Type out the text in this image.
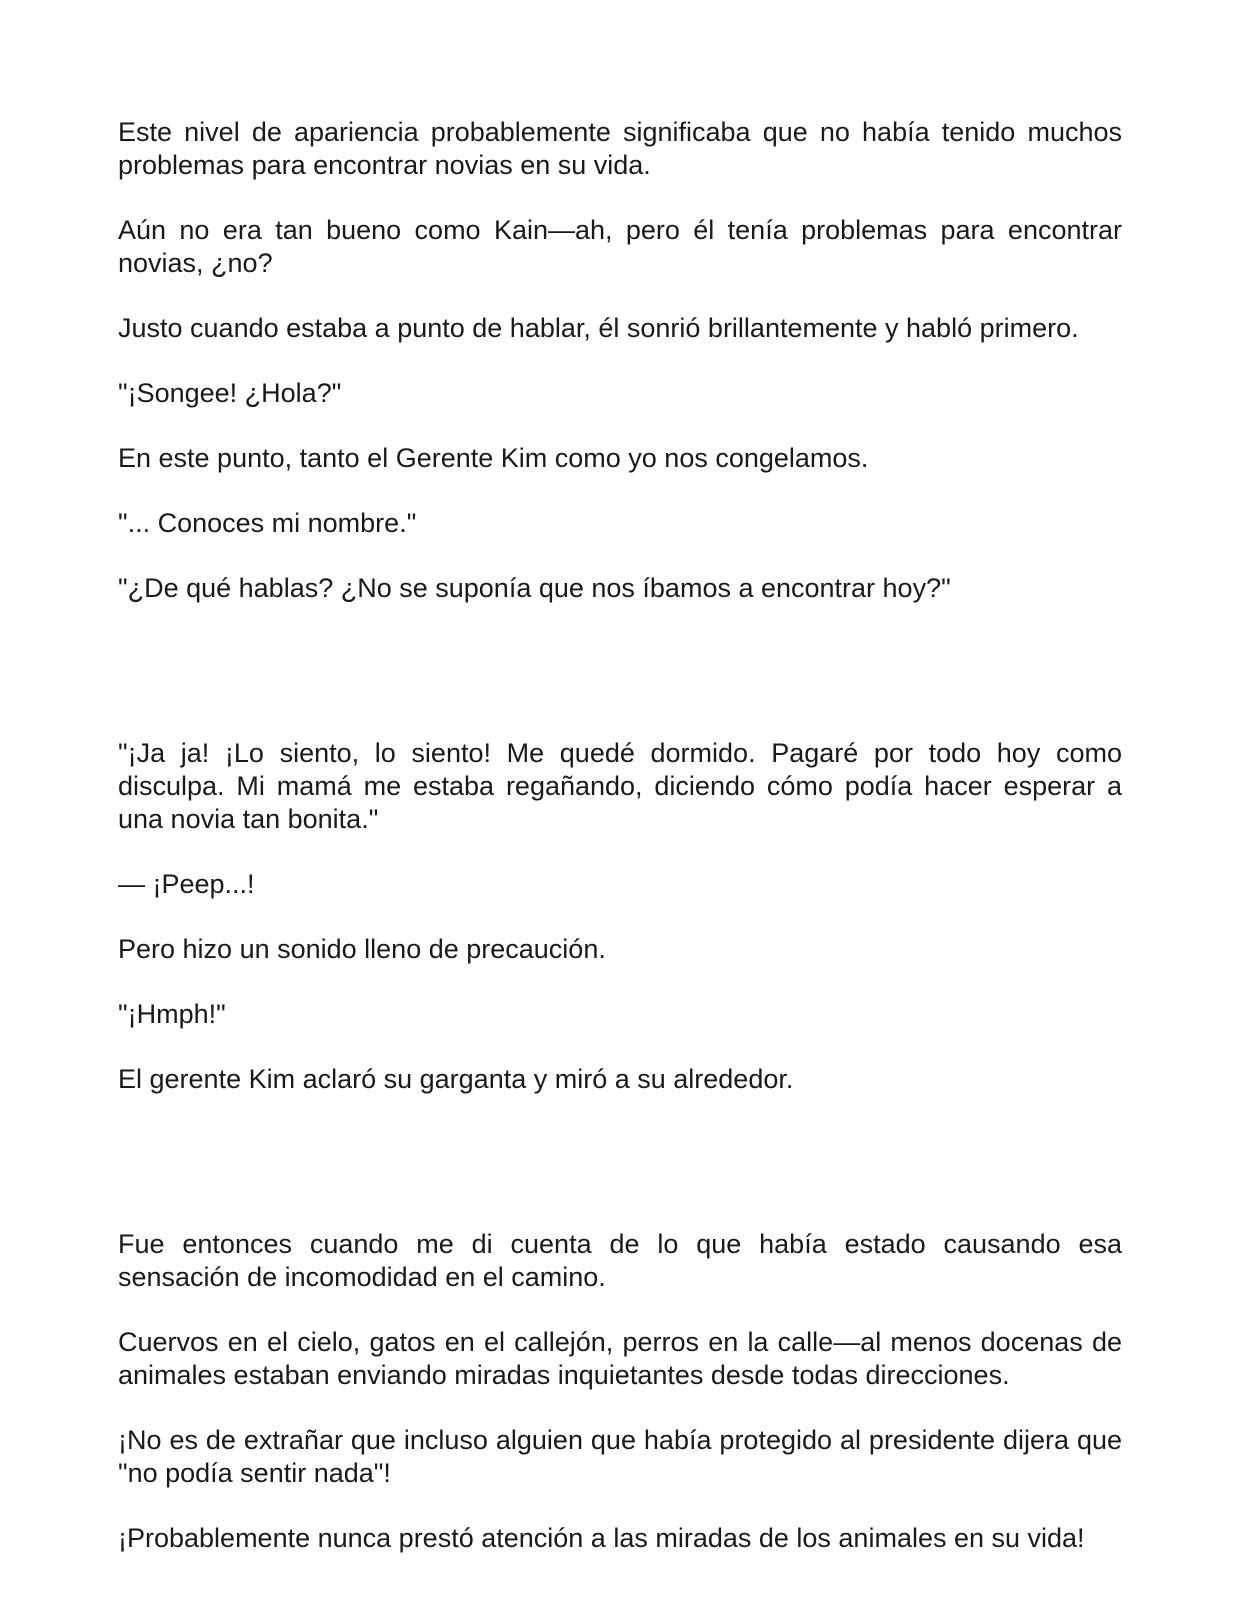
Este nivel de apariencia probablemente significaba que no había tenido muchos problemas para encontrar novias en su vida.

Aún no era tan bueno como Kain—ah, pero él tenía problemas para encontrar novias, ¿no?

Justo cuando estaba a punto de hablar, él sonrió brillantemente y habló primero.

"¡Songee! ¿Hola?"

En este punto, tanto el Gerente Kim como yo nos congelamos.

"... Conoces mi nombre."

"¿De qué hablas? ¿No se suponía que nos íbamos a encontrar hoy?"

"¡Ja ja! ¡Lo siento, lo siento! Me quedé dormido. Pagaré por todo hoy como disculpa. Mi mamá me estaba regañando, diciendo cómo podía hacer esperar a una novia tan bonita."

— ¡Peep...!

Pero hizo un sonido lleno de precaución.

"¡Hmph!"

El gerente Kim aclaró su garganta y miró a su alrededor.

Fue entonces cuando me di cuenta de lo que había estado causando esa sensación de incomodidad en el camino.

Cuervos en el cielo, gatos en el callejón, perros en la calle—al menos docenas de animales estaban enviando miradas inquietantes desde todas direcciones.

¡No es de extrañar que incluso alguien que había protegido al presidente dijera que "no podía sentir nada"!

¡Probablemente nunca prestó atención a las miradas de los animales en su vida!
